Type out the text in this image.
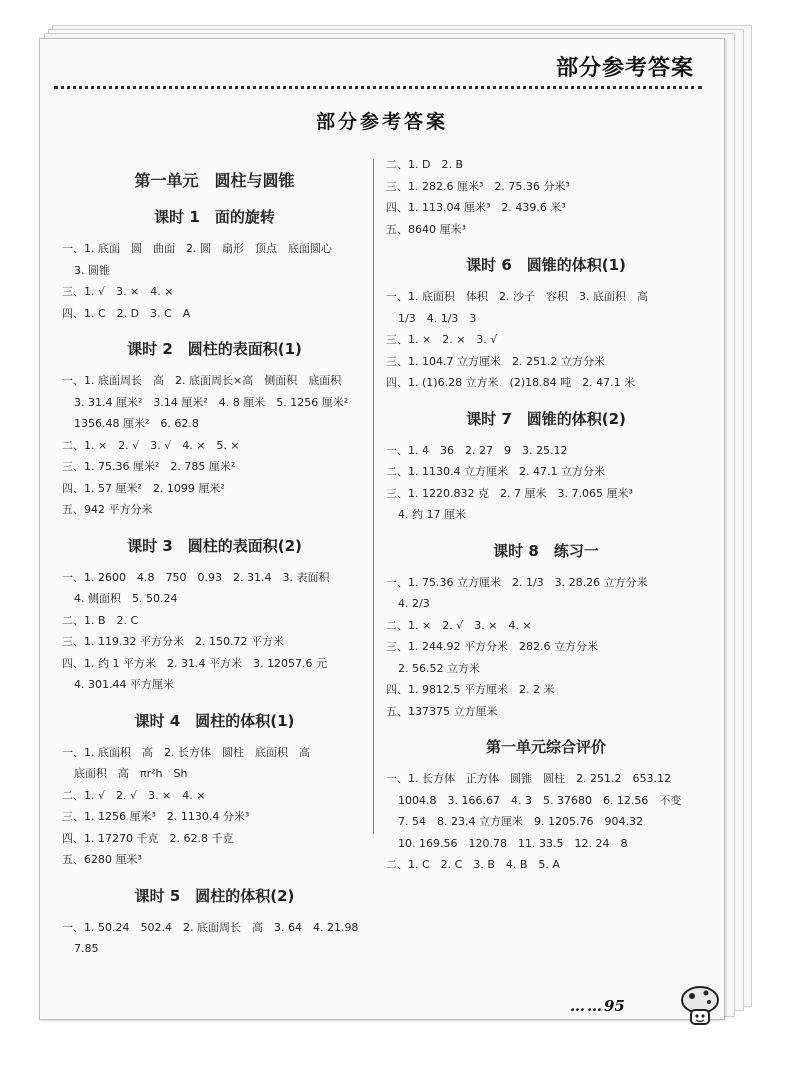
部分参考答案
部分参考答案
第一单元　圆柱与圆锥
课时 1　面的旋转
一、1. 底面　圆　曲面　2. 圆　扇形　顶点　底面圆心
3. 圆锥
三、1. √　3. ×　4. ×
四、1. C　2. D　3. C　A
课时 2　圆柱的表面积(1)
一、1. 底面周长　高　2. 底面周长×高　侧面积　底面积
3. 31.4 厘米²　3.14 厘米²　4. 8 厘米　5. 1256 厘米²
1356.48 厘米²　6. 62.8
二、1. ×　2. √　3. √　4. ×　5. ×
三、1. 75.36 厘米²　2. 785 厘米²
四、1. 57 厘米²　2. 1099 厘米²
五、942 平方分米
课时 3　圆柱的表面积(2)
一、1. 2600　4.8　750　0.93　2. 31.4　3. 表面积
4. 侧面积　5. 50.24
二、1. B　2. C
三、1. 119.32 平方分米　2. 150.72 平方米
四、1. 约 1 平方米　2. 31.4 平方米　3. 12057.6 元
4. 301.44 平方厘米
课时 4　圆柱的体积(1)
一、1. 底面积　高　2. 长方体　圆柱　底面积　高
底面积　高　πr²h　Sh
二、1. √　2. √　3. ×　4. ×
三、1. 1256 厘米³　2. 1130.4 分米³
四、1. 17270 千克　2. 62.8 千克
五、6280 厘米³
课时 5　圆柱的体积(2)
一、1. 50.24　502.4　2. 底面周长　高　3. 64　4. 21.98
7.85
二、1. D　2. B
三、1. 282.6 厘米³　2. 75.36 分米³
四、1. 113.04 厘米³　2. 439.6 米³
五、8640 厘米³
课时 6　圆锥的体积(1)
一、1. 底面积　体积　2. 沙子　容积　3. 底面积　高
1/3　4. 1/3　3
三、1. ×　2. ×　3. √
三、1. 104.7 立方厘米　2. 251.2 立方分米
四、1. (1)6.28 立方米　(2)18.84 吨　2. 47.1 米
课时 7　圆锥的体积(2)
一、1. 4　36　2. 27　9　3. 25.12
二、1. 1130.4 立方厘米　2. 47.1 立方分米
三、1. 1220.832 克　2. 7 厘米　3. 7.065 厘米³
4. 约 17 厘米
课时 8　练习一
一、1. 75.36 立方厘米　2. 1/3　3. 28.26 立方分米
4. 2/3
二、1. ×　2. √　3. ×　4. ×
三、1. 244.92 平方分米　282.6 立方分米
2. 56.52 立方米
四、1. 9812.5 平方厘米　2. 2 米
五、137375 立方厘米
第一单元综合评价
一、1. 长方体　正方体　圆锥　圆柱　2. 251.2　653.12
1004.8　3. 166.67　4. 3　5. 37680　6. 12.56　不变
7. 54　8. 23.4 立方厘米　9. 1205.76　904.32
10. 169.56　120.78　11. 33.5　12. 24　8
二、1. C　2. C　3. B　4. B　5. A
……95
